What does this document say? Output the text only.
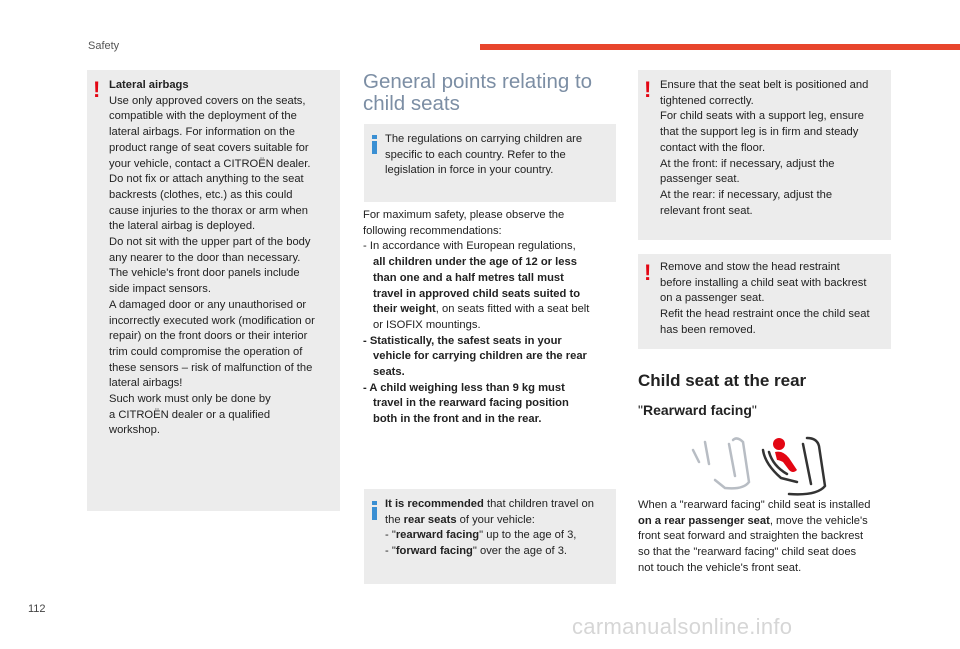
Safety
! Lateral airbags
Use only approved covers on the seats,
compatible with the deployment of the
lateral airbags. For information on the
product range of seat covers suitable for
your vehicle, contact a CITROËN dealer.
Do not fix or attach anything to the seat
backrests (clothes, etc.) as this could
cause injuries to the thorax or arm when
the lateral airbag is deployed.
Do not sit with the upper part of the body
any nearer to the door than necessary.
The vehicle's front door panels include
side impact sensors.
A damaged door or any unauthorised or
incorrectly executed work (modification or
repair) on the front doors or their interior
trim could compromise the operation of
these sensors – risk of malfunction of the
lateral airbags!
Such work must only be done by
a CITROËN dealer or a qualified
workshop.
General points relating to
child seats
The regulations on carrying children are
specific to each country. Refer to the
legislation in force in your country.
For maximum safety, please observe the
following recommendations:
- In accordance with European regulations,
all children under the age of 12 or less
than one and a half metres tall must
travel in approved child seats suited to
their weight, on seats fitted with a seat belt
or ISOFIX mountings.
- Statistically, the safest seats in your
vehicle for carrying children are the rear
seats.
- A child weighing less than 9 kg must
travel in the rearward facing position
both in the front and in the rear.
It is recommended that children travel on
the rear seats of your vehicle:
- "rearward facing" up to the age of 3,
- "forward facing" over the age of 3.
! Ensure that the seat belt is positioned and
tightened correctly.
For child seats with a support leg, ensure
that the support leg is in firm and steady
contact with the floor.
At the front: if necessary, adjust the
passenger seat.
At the rear: if necessary, adjust the
relevant front seat.
! Remove and stow the head restraint
before installing a child seat with backrest
on a passenger seat.
Refit the head restraint once the child seat
has been removed.
Child seat at the rear
"Rearward facing"
When a "rearward facing" child seat is installed
on a rear passenger seat, move the vehicle's
front seat forward and straighten the backrest
so that the "rearward facing" child seat does
not touch the vehicle's front seat.
112
carmanualsonline.info
